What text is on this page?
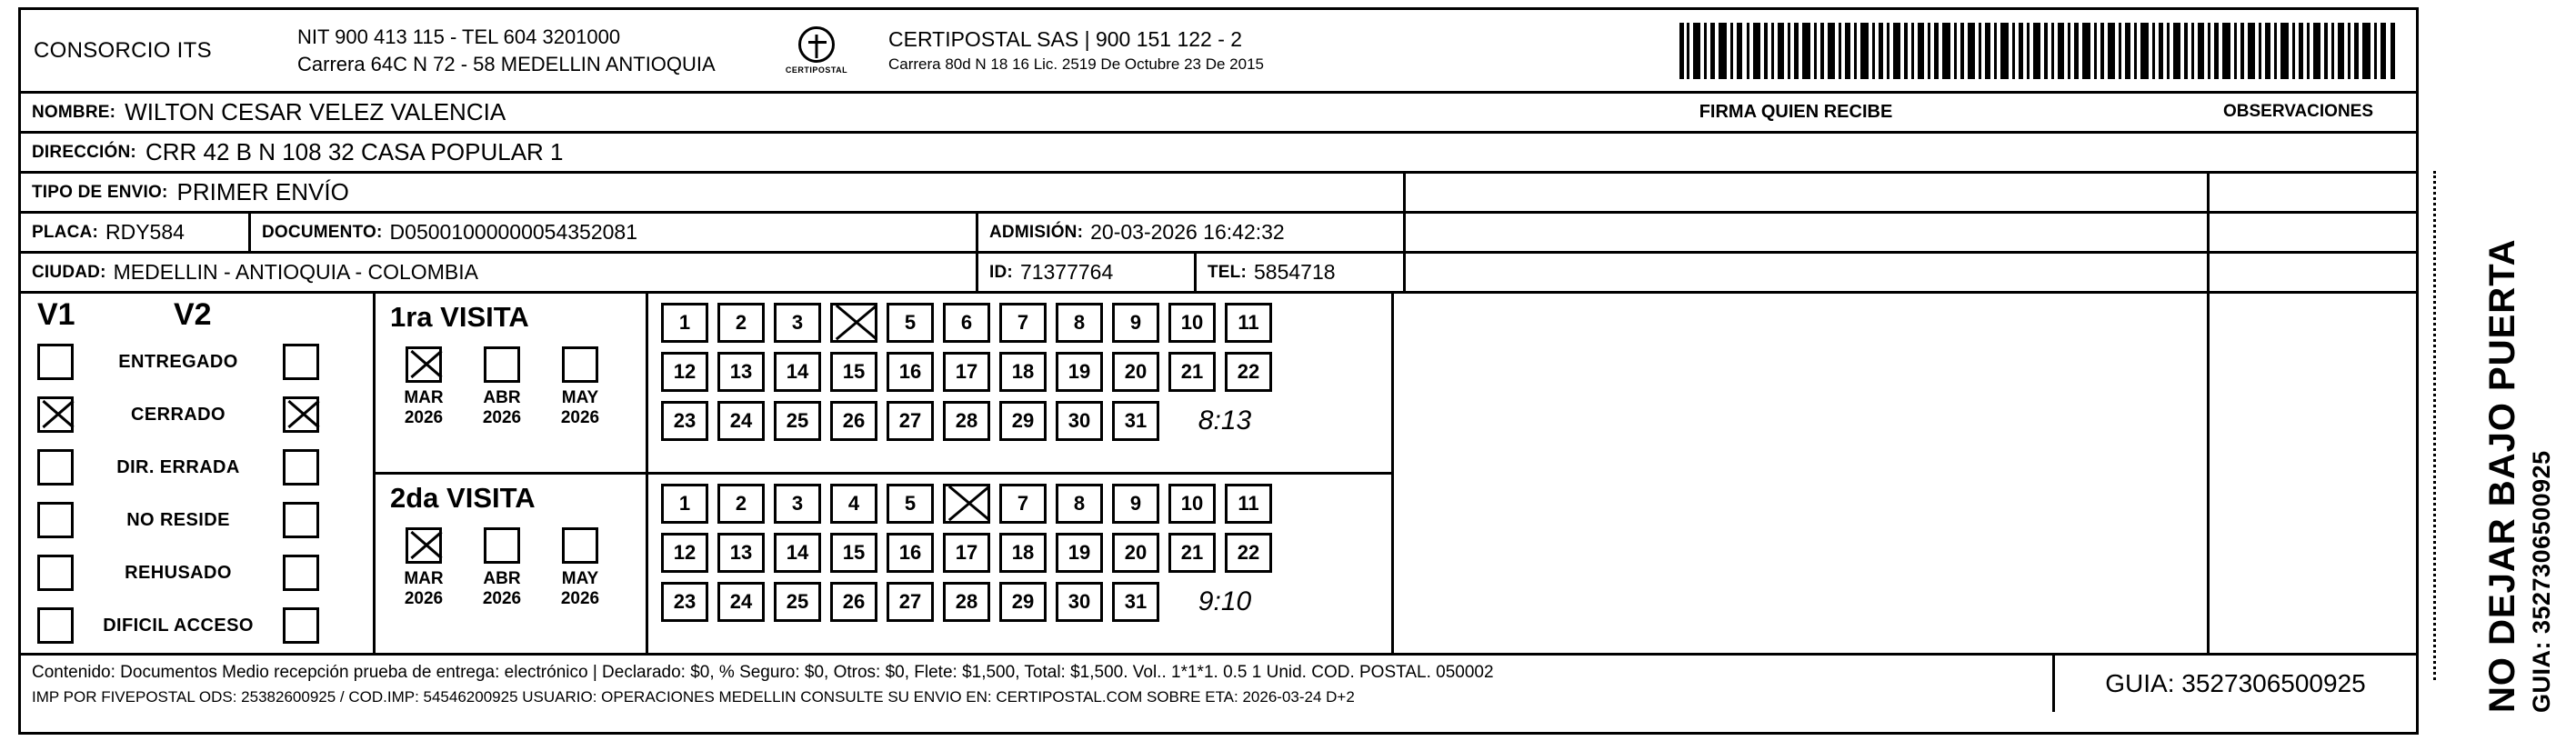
CONSORCIO ITS
NIT 900 413 115 - TEL 604 3201000
Carrera 64C N 72 - 58 MEDELLIN ANTIOQUIA	CERTIPOSTAL
CERTIPOSTAL SAS | 900 151 122 - 2
Carrera 80d N 18 16 Lic. 2519 De Octubre 23 De 2015
NOMBRE: WILTON CESAR VELEZ VALENCIA
DIRECCIÓN: CRR 42 B N 108 32 CASA POPULAR 1
TIPO DE ENVIO: PRIMER ENVÍO
PLACA: RDY584	DOCUMENTO: D05001000000054352081	ADMISIÓN: 20-03-2026 16:42:32
CIUDAD: MEDELLIN - ANTIOQUIA - COLOMBIA	ID: 71377764	TEL: 5854718
V1	V2
ENTREGADO
CERRADO
DIR. ERRADA
NO RESIDE
REHUSADO
DIFICIL ACCESO
1ra VISITA
MAR
2026
ABR
2026
MAY
2026
2da VISITA
MAR
2026
ABR
2026
MAY
2026
1 2 3	5 6 7 8 9 10 11
12 13 14 15 16 17 18 19 20 21 22
23 24 25 26 27 28 29 30 31	8:13
1 2 3 4 5	7 8 9 10 11
12 13 14 15 16 17 18 19 20 21 22
23 24 25 26 27 28 29 30 31	9:10
Contenido: Documentos Medio recepción prueba de entrega: electrónico | Declarado: $0, % Seguro: $0, Otros: $0, Flete: $1,500, Total: $1,500. Vol.. 1*1*1. 0.5 1 Unid. COD. POSTAL. 050002
IMP POR FIVEPOSTAL ODS: 25382600925 / COD.IMP: 54546200925 USUARIO: OPERACIONES MEDELLIN CONSULTE SU ENVIO EN: CERTIPOSTAL.COM SOBRE ETA: 2026-03-24 D+2	GUIA: 3527306500925
FIRMA QUIEN RECIBE	OBSERVACIONES
NO DEJAR BAJO PUERTA GUIA: 3527306500925
